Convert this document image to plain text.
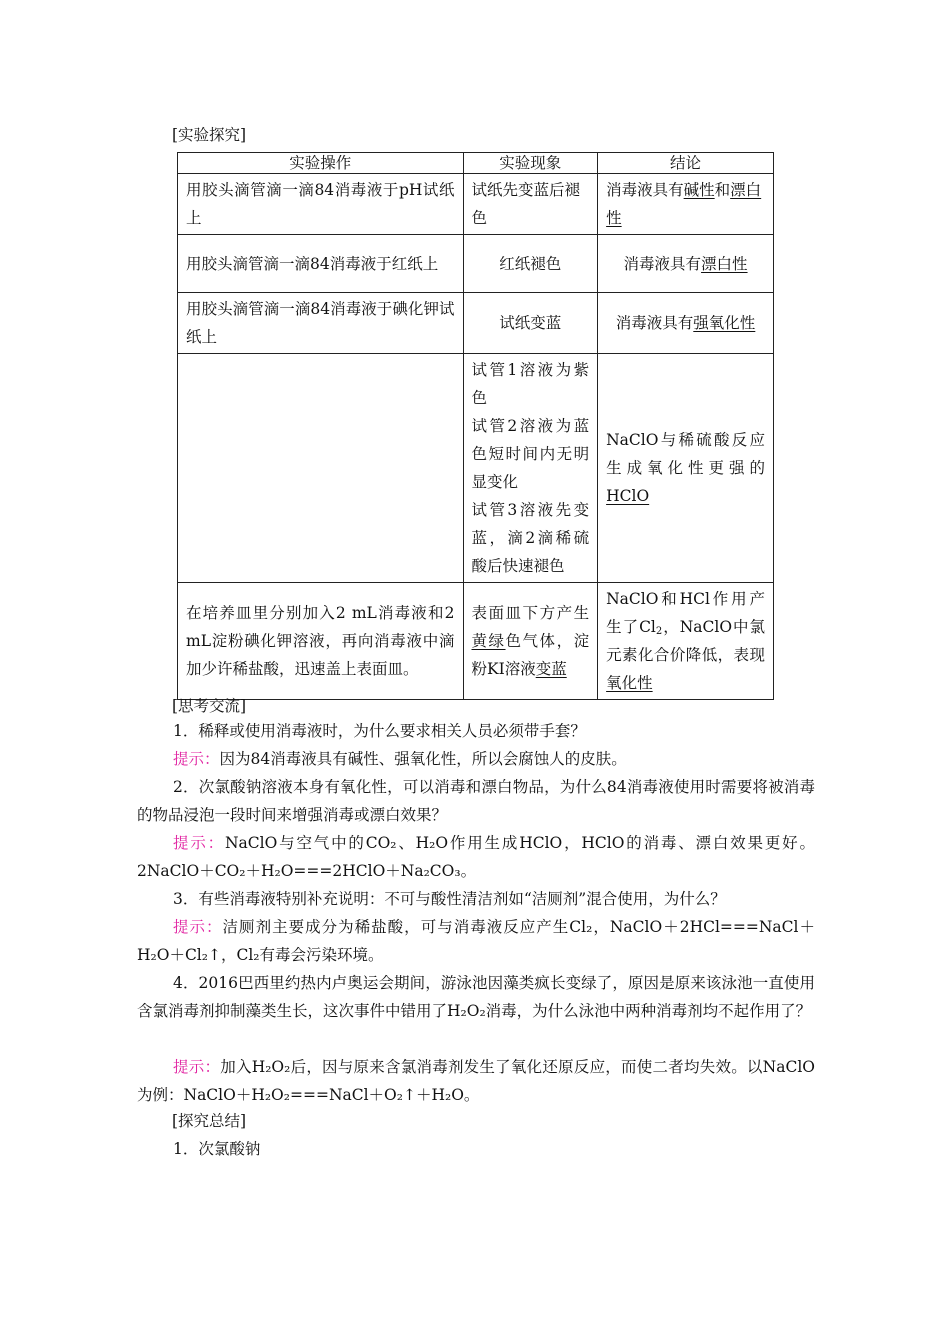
[实验探究]
实验操作	实验现象	结论
用胶头滴管滴一滴84消毒液于pH试纸上	试纸先变蓝后褪色	消毒液具有碱性和漂白性
用胶头滴管滴一滴84消毒液于红纸上	红纸褪色	消毒液具有漂白性
用胶头滴管滴一滴84消毒液于碘化钾试纸上	试纸变蓝	消毒液具有强氧化性

	试管1溶液为紫色
试管2溶液为蓝色短时间内无明显变化
试管3溶液先变蓝，滴2滴稀硫酸后快速褪色	NaClO与稀硫酸反应生成氧化性更强的HClO
在培养皿里分别加入2 mL消毒液和2 mL淀粉碘化钾溶液，再向消毒液中滴加少许稀盐酸，迅速盖上表面皿。	表面皿下方产生黄绿色气体，淀粉KI溶液变蓝	NaClO和HCl作用产生了$Cl_2$，NaClO中氯元素化合价降低，表现氧化性
[思考交流]
1．稀释或使用消毒液时，为什么要求相关人员必须带手套？
提示：因为84消毒液具有碱性、强氧化性，所以会腐蚀人的皮肤。
2．次氯酸钠溶液本身有氧化性，可以消毒和漂白物品，为什么84消毒液使用时需要将被消毒的物品浸泡一段时间来增强消毒或漂白效果？
提示：NaClO与空气中的CO₂、H₂O作用生成HClO，HClO的消毒、漂白效果更好。2NaClO＋CO₂＋H₂O===2HClO＋Na₂CO₃。
3．有些消毒液特别补充说明：不可与酸性清洁剂如“洁厕剂”混合使用，为什么？
提示：洁厕剂主要成分为稀盐酸，可与消毒液反应产生Cl₂，NaClO＋2HCl===NaCl＋H₂O＋Cl₂↑，Cl₂有毒会污染环境。
4．2016巴西里约热内卢奥运会期间，游泳池因藻类疯长变绿了，原因是原来该泳池一直使用含氯消毒剂抑制藻类生长，这次事件中错用了H₂O₂消毒，为什么泳池中两种消毒剂均不起作用了？
提示：加入H₂O₂后，因与原来含氯消毒剂发生了氧化还原反应，而使二者均失效。以NaClO为例：NaClO＋H₂O₂===NaCl＋O₂↑＋H₂O。
[探究总结]
1．次氯酸钠
